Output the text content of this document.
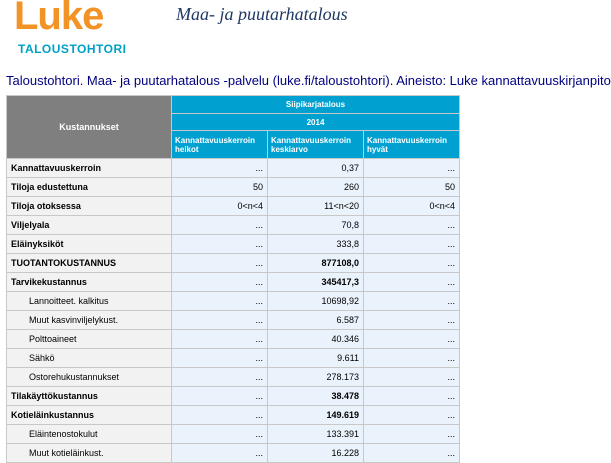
Luke
TALOUSTOHTORI
Maa- ja puutarhatalous
Taloustohtori. Maa- ja puutarhatalous -palvelu (luke.fi/taloustohtori). Aineisto: Luke kannattavuuskirjanpito
Kustannukset	Siipikarjatalous		
	2014		
	Kannattavuuskerroin heikot	Kannattavuuskerroin keskiarvo	Kannattavuuskerroin hyvät
Kannattavuuskerroin	...	0,37	...
Tiloja edustettuna	50	260	50
Tiloja otoksessa	0<n<4	11<n<20	0<n<4
Viljelyala	...	70,8	...
Eläinyksiköt	...	333,8	...
TUOTANTOKUSTANNUS	...	877108,0	...
Tarvikekustannus	...	345417,3	...
Lannoitteet. kalkitus	...	10698,92	...
Muut kasvinviljelykust.	...	6.587	...
Polttoaineet	...	40.346	...
Sähkö	...	9.611	...
Ostorehukustannukset	...	278.173	...
Tilakäyttökustannus	...	38.478	...
Kotieläinkustannus	...	149.619	...
Eläintenostokulut	...	133.391	...
Muut kotieläinkust.	...	16.228	...
